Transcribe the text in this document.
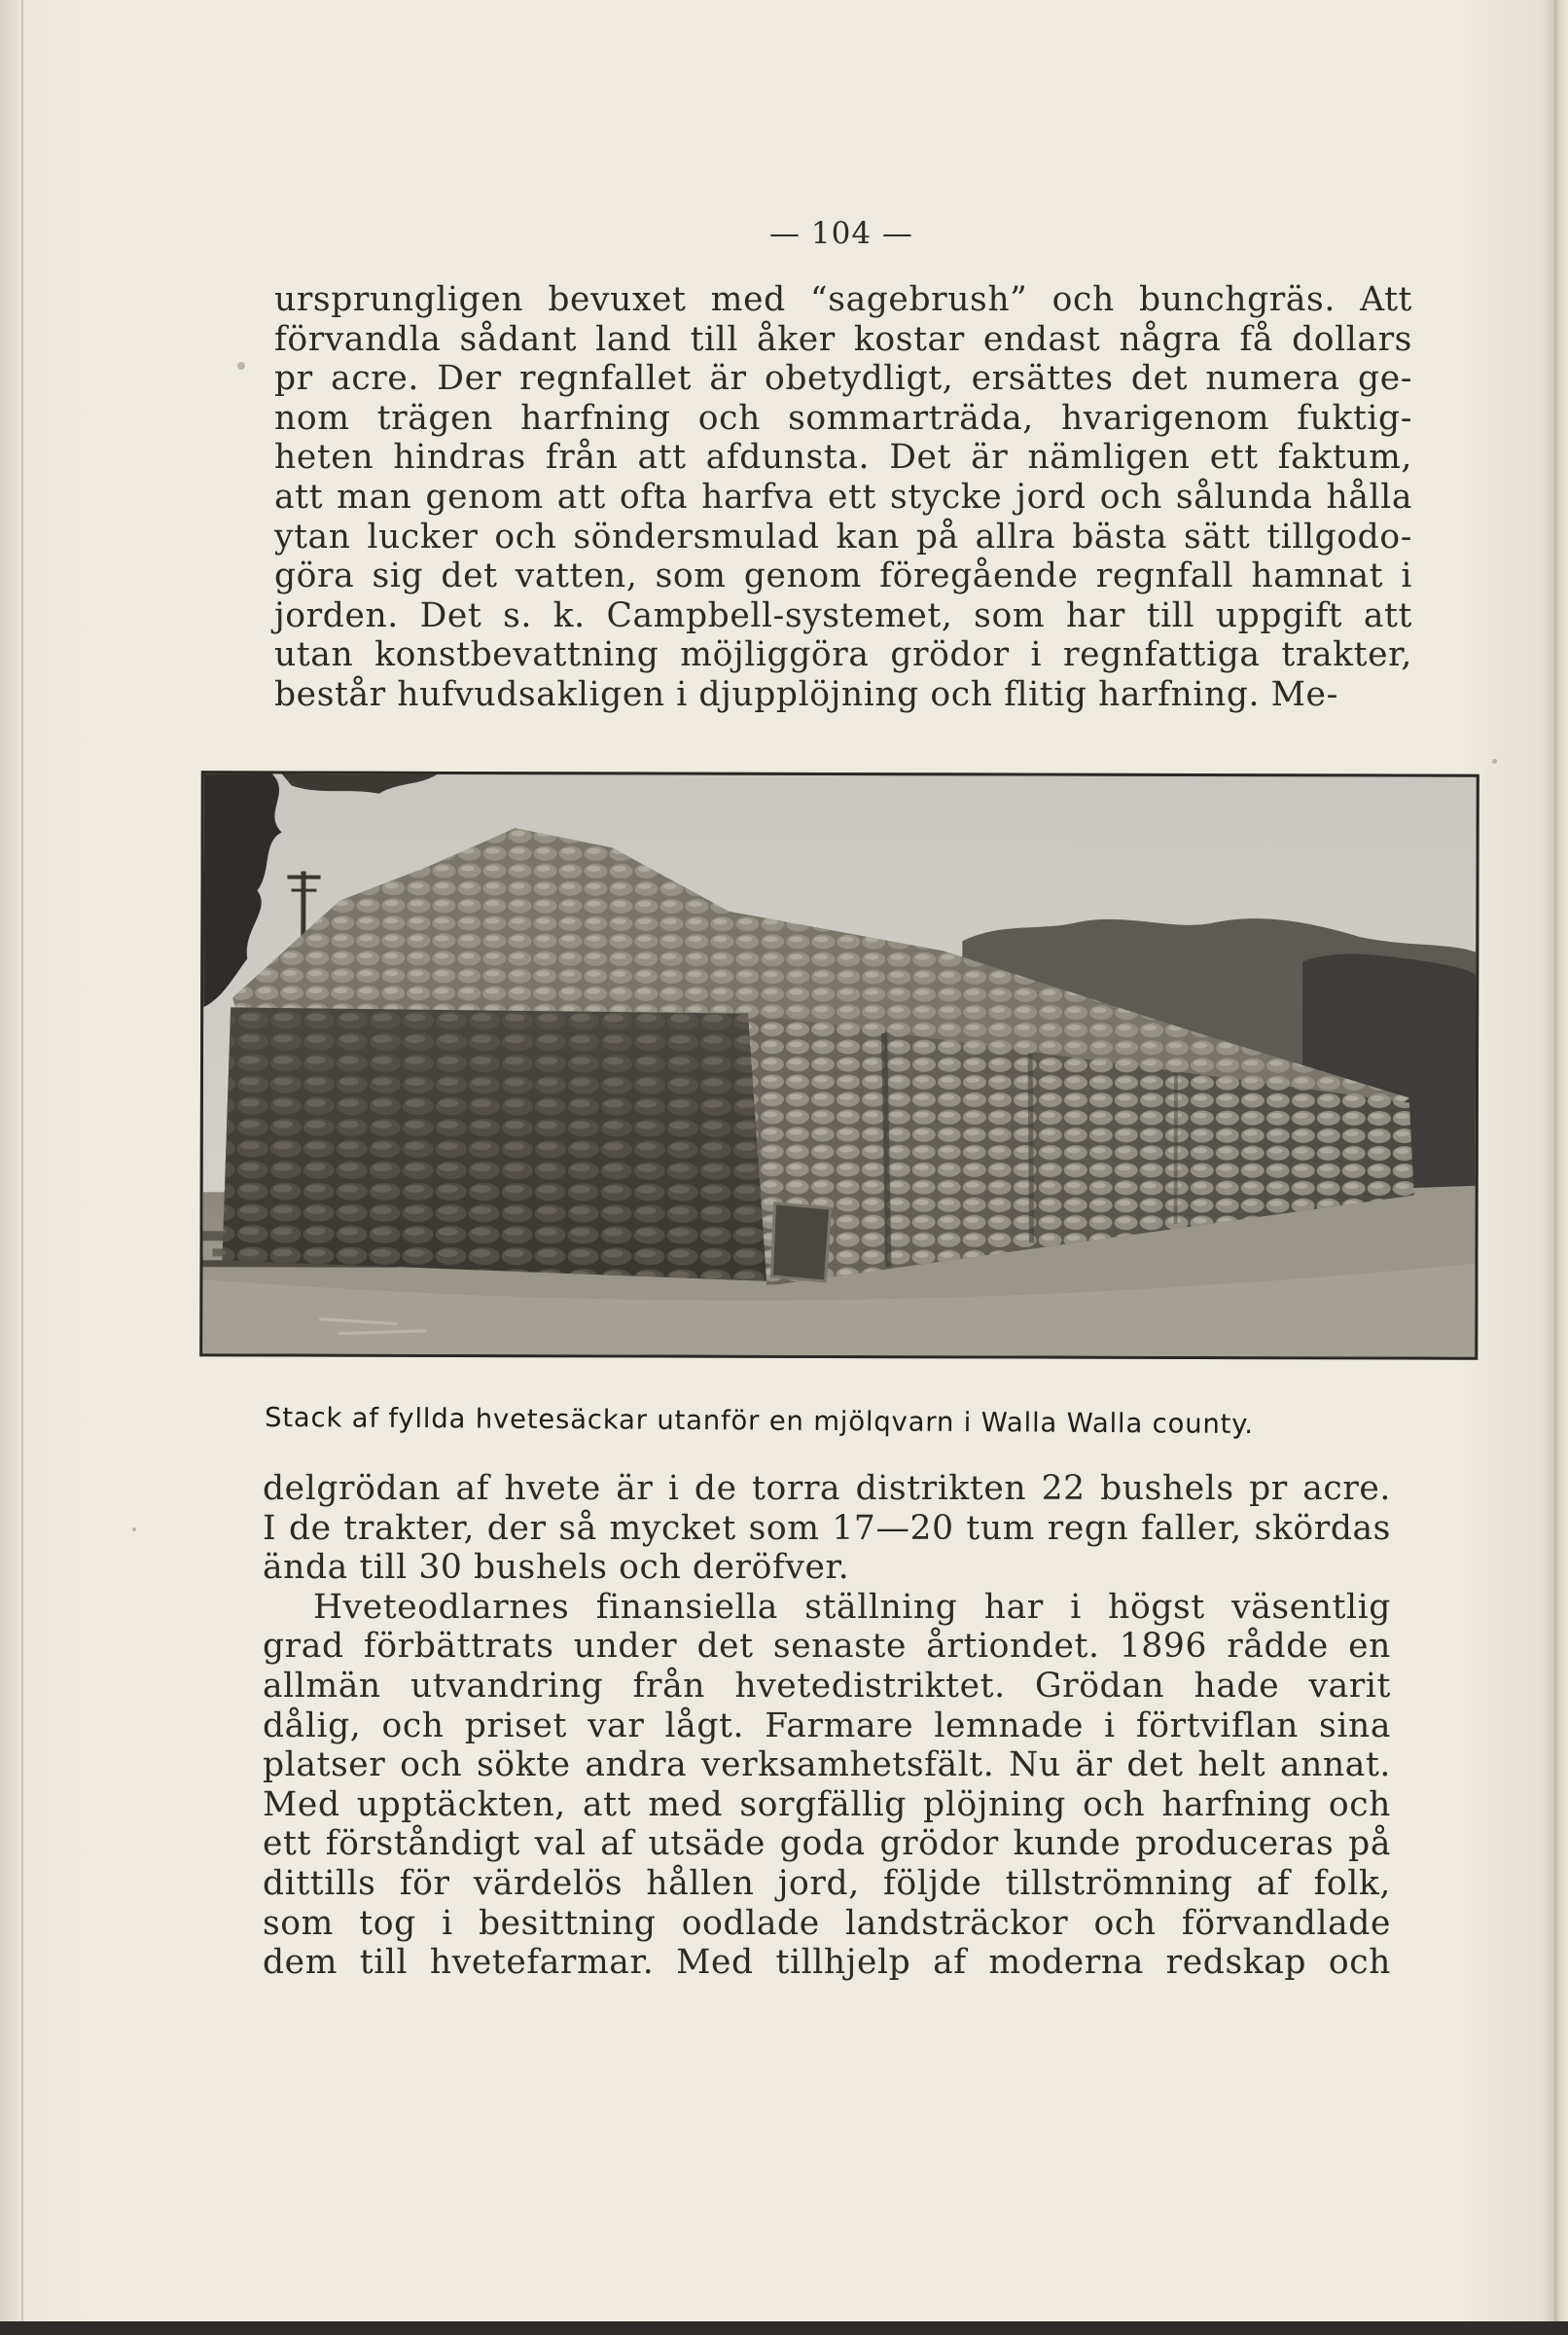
— 104 —
ursprungligen bevuxet med “sagebrush” och bunchgräs. Att
förvandla sådant land till åker kostar endast några få dollars
pr acre. Der regnfallet är obetydligt, ersättes det numera ge-
nom trägen harfning och sommarträda, hvarigenom fuktig-
heten hindras från att afdunsta. Det är nämligen ett faktum,
att man genom att ofta harfva ett stycke jord och sålunda hålla
ytan lucker och söndersmulad kan på allra bästa sätt tillgodo-
göra sig det vatten, som genom föregående regnfall hamnat i
jorden. Det s. k. Campbell-systemet, som har till uppgift att
utan konstbevattning möjliggöra grödor i regnfattiga trakter,
består hufvudsakligen i djupplöjning och flitig harfning. Me-
Stack af fyllda hvetesäckar utanför en mjölqvarn i Walla Walla county.
delgrödan af hvete är i de torra distrikten 22 bushels pr acre.
I de trakter, der så mycket som 17—20 tum regn faller, skördas
ända till 30 bushels och deröfver.
Hveteodlarnes finansiella ställning har i högst väsentlig
grad förbättrats under det senaste årtiondet. 1896 rådde en
allmän utvandring från hvetedistriktet. Grödan hade varit
dålig, och priset var lågt. Farmare lemnade i förtviflan sina
platser och sökte andra verksamhetsfält. Nu är det helt annat.
Med upptäckten, att med sorgfällig plöjning och harfning och
ett förståndigt val af utsäde goda grödor kunde produceras på
dittills för värdelös hållen jord, följde tillströmning af folk,
som tog i besittning oodlade landsträckor och förvandlade
dem till hvetefarmar. Med tillhjelp af moderna redskap och
